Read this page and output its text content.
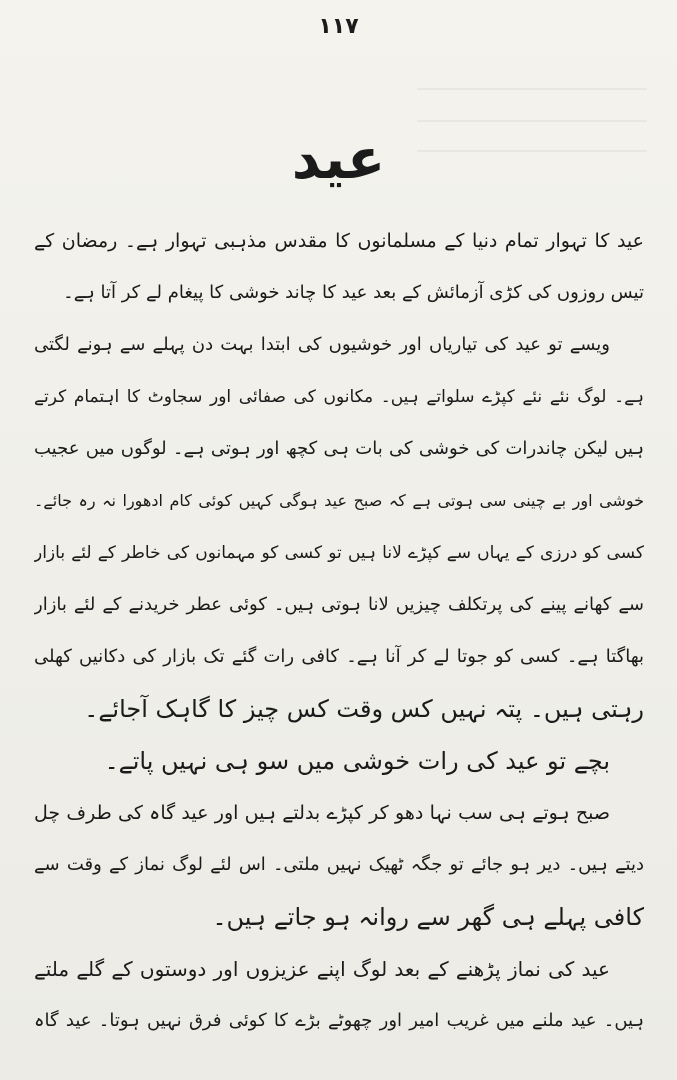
۱۱۷
عید
عید کا تہوار تمام دنیا کے مسلمانوں کا مقدس مذہبی تہوار ہے۔ رمضان کے
تیس روزوں کی کڑی آزمائش کے بعد عید کا چاند خوشی کا پیغام لے کر آتا ہے۔
ویسے تو عید کی تیاریاں اور خوشیوں کی ابتدا بہت دن پہلے سے ہونے لگتی
ہے۔ لوگ نئے نئے کپڑے سلواتے ہیں۔ مکانوں کی صفائی اور سجاوٹ کا اہتمام کرتے
ہیں لیکن چاندرات کی خوشی کی بات ہی کچھ اور ہوتی ہے۔ لوگوں میں عجیب
خوشی اور بے چینی سی ہوتی ہے کہ صبح عید ہوگی کہیں کوئی کام ادھورا نہ رہ جائے۔
کسی کو درزی کے یہاں سے کپڑے لانا ہیں تو کسی کو مہمانوں کی خاطر کے لئے بازار
سے کھانے پینے کی پرتکلف چیزیں لانا ہوتی ہیں۔ کوئی عطر خریدنے کے لئے بازار
بھاگتا ہے۔ کسی کو جوتا لے کر آنا ہے۔ کافی رات گئے تک بازار کی دکانیں کھلی
رہتی ہیں۔ پتہ نہیں کس وقت کس چیز کا گاہک آجائے۔
بچے تو عید کی رات خوشی میں سو ہی نہیں پاتے۔
صبح ہوتے ہی سب نہا دھو کر کپڑے بدلتے ہیں اور عید گاہ کی طرف چل
دیتے ہیں۔ دیر ہو جائے تو جگہ ٹھیک نہیں ملتی۔ اس لئے لوگ نماز کے وقت سے
کافی پہلے ہی گھر سے روانہ ہو جاتے ہیں۔
عید کی نماز پڑھنے کے بعد لوگ اپنے عزیزوں اور دوستوں کے گلے ملتے
ہیں۔ عید ملنے میں غریب امیر اور چھوٹے بڑے کا کوئی فرق نہیں ہوتا۔ عید گاہ
